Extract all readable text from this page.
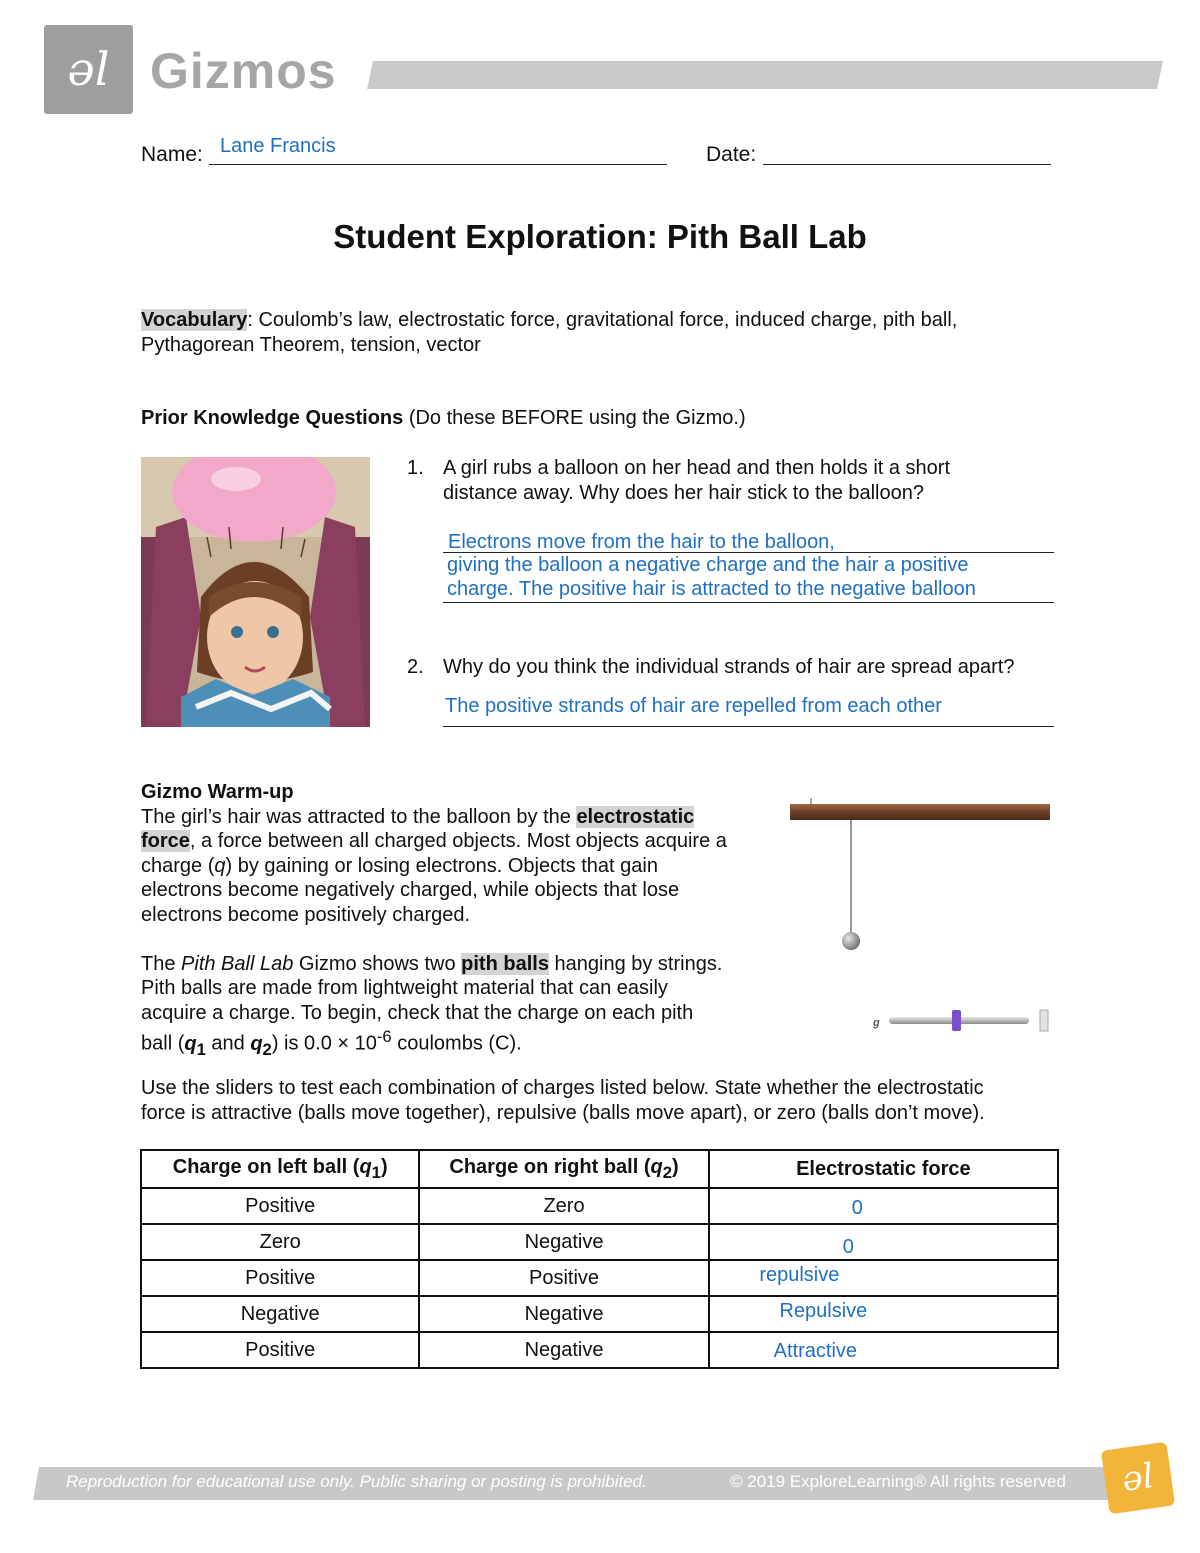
ǝl Gizmos
Name: Lane Francis	Date:
Student Exploration: Pith Ball Lab
Vocabulary: Coulomb’s law, electrostatic force, gravitational force, induced charge, pith ball,
Pythagorean Theorem, tension, vector
Prior Knowledge Questions (Do these BEFORE using the Gizmo.)
1. A girl rubs a balloon on her head and then holds it a short
distance away. Why does her hair stick to the balloon?
Electrons move from the hair to the balloon,
giving the balloon a negative charge and the hair a positive
charge. The positive hair is attracted to the negative balloon
2. Why do you think the individual strands of hair are spread apart?
The positive strands of hair are repelled from each other
Gizmo Warm-up
The girl’s hair was attracted to the balloon by the electrostatic
force, a force between all charged objects. Most objects acquire a
charge (q) by gaining or losing electrons. Objects that gain
electrons become negatively charged, while objects that lose
electrons become positively charged.

The Pith Ball Lab Gizmo shows two pith balls hanging by strings.
Pith balls are made from lightweight material that can easily
acquire a charge. To begin, check that the charge on each pith
ball ($q_1$ and $q_2$) is $0.0 \times 10^{-6}$ coulombs (C).
g
Use the sliders to test each combination of charges listed below. State whether the electrostatic
force is attractive (balls move together), repulsive (balls move apart), or zero (balls don’t move).
Charge on left ball $(q_1)$	Charge on right ball $(q_2)$	Electrostatic force
Positive	Zero	0
Zero	Negative	0
Positive	Positive	repulsive
Negative	Negative	Repulsive
Positive	Negative	Attractive
Reproduction for educational use only. Public sharing or posting is prohibited.	© 2019 ExploreLearning® All rights reserved	ǝl
